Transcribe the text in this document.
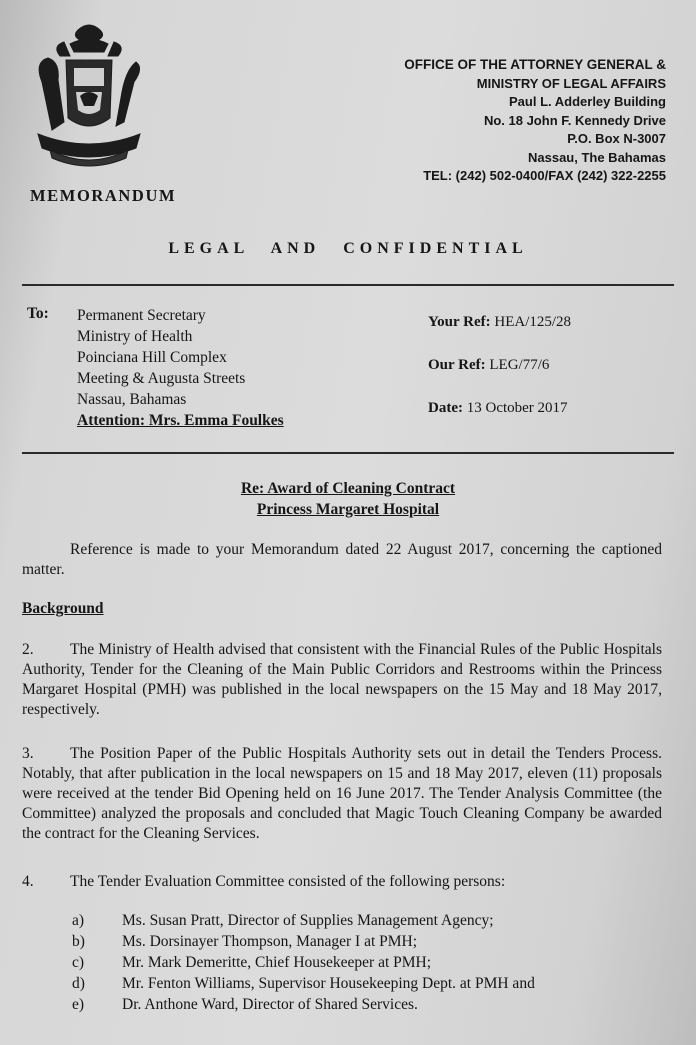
MEMORANDUM
OFFICE OF THE ATTORNEY GENERAL &
MINISTRY OF LEGAL AFFAIRS
Paul L. Adderley Building
No. 18 John F. Kennedy Drive
P.O. Box N-3007
Nassau, The Bahamas
TEL: (242) 502-0400/FAX (242) 322-2255
LEGAL AND CONFIDENTIAL
To: Permanent Secretary
Ministry of Health
Poinciana Hill Complex
Meeting & Augusta Streets
Nassau, Bahamas
Attention: Mrs. Emma Foulkes
Your Ref: HEA/125/28
Our Ref: LEG/77/6
Date: 13 October 2017
Re: Award of Cleaning Contract
Princess Margaret Hospital
Reference is made to your Memorandum dated 22 August 2017, concerning the captioned matter.
Background
2. The Ministry of Health advised that consistent with the Financial Rules of the Public Hospitals Authority, Tender for the Cleaning of the Main Public Corridors and Restrooms within the Princess Margaret Hospital (PMH) was published in the local newspapers on the 15 May and 18 May 2017, respectively.
3. The Position Paper of the Public Hospitals Authority sets out in detail the Tenders Process. Notably, that after publication in the local newspapers on 15 and 18 May 2017, eleven (11) proposals were received at the tender Bid Opening held on 16 June 2017. The Tender Analysis Committee (the Committee) analyzed the proposals and concluded that Magic Touch Cleaning Company be awarded the contract for the Cleaning Services.
4. The Tender Evaluation Committee consisted of the following persons:
a)	Ms. Susan Pratt, Director of Supplies Management Agency;
b)	Ms. Dorsinayer Thompson, Manager I at PMH;
c)	Mr. Mark Demeritte, Chief Housekeeper at PMH;
d)	Mr. Fenton Williams, Supervisor Housekeeping Dept. at PMH and
e)	Dr. Anthone Ward, Director of Shared Services.
